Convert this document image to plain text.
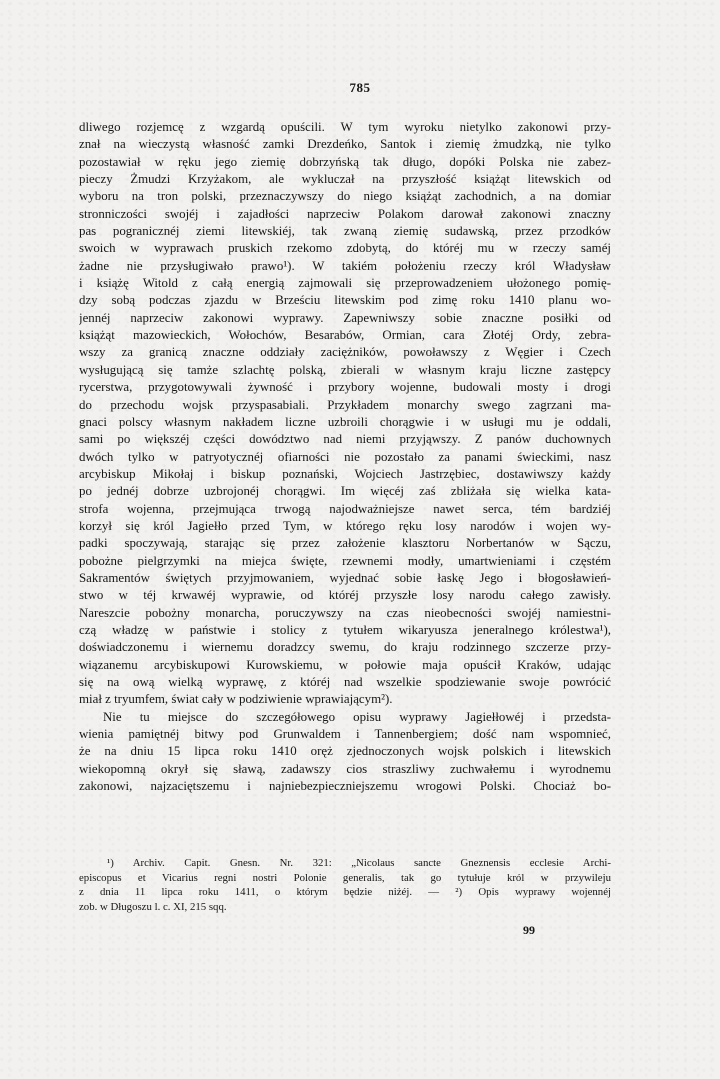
785
dliwego rozjemcę z wzgardą opuścili. W tym wyroku nietylko zakonowi przy-
znał na wieczystą własność zamki Drezdeńko, Santok i ziemię żmudzką, nie tylko
pozostawiał w ręku jego ziemię dobrzyńską tak długo, dopóki Polska nie zabez-
pieczy Żmudzi Krzyżakom, ale wykluczał na przyszłość książąt litewskich od
wyboru na tron polski, przeznaczywszy do niego książąt zachodnich, a na domiar
stronniczości swojéj i zajadłości naprzeciw Polakom darował zakonowi znaczny
pas pogranicznéj ziemi litewskiéj, tak zwaną ziemię sudawską, przez przodków
swoich w wyprawach pruskich rzekomo zdobytą, do któréj mu w rzeczy saméj
żadne nie przysługiwało prawo¹). W takiém położeniu rzeczy król Władysław
i książę Witold z całą energią zajmowali się przeprowadzeniem ułożonego pomię-
dzy sobą podczas zjazdu w Brześciu litewskim pod zimę roku 1410 planu wo-
jennéj naprzeciw zakonowi wyprawy. Zapewniwszy sobie znaczne posiłki od
książąt mazowieckich, Wołochów, Besarabów, Ormian, cara Złotéj Ordy, zebra-
wszy za granicą znaczne oddziały zaciężników, powoławszy z Węgier i Czech
wysługującą się tamże szlachtę polską, zbierali w własnym kraju liczne zastępcy
rycerstwa, przygotowywali żywność i przybory wojenne, budowali mosty i drogi
do przechodu wojsk przyspasabiali. Przykładem monarchy swego zagrzani ma-
gnaci polscy własnym nakładem liczne uzbroili chorągwie i w usługi mu je oddali,
sami po większéj części dowództwo nad niemi przyjąwszy. Z panów duchownych
dwóch tylko w patryotycznéj ofiarności nie pozostało za panami świeckimi, nasz
arcybiskup Mikołaj i biskup poznański, Wojciech Jastrzębiec, dostawiwszy każdy
po jednéj dobrze uzbrojonéj chorągwi. Im więcéj zaś zbliżała się wielka kata-
strofa wojenna, przejmująca trwogą najodważniejsze nawet serca, tém bardziéj
korzył się król Jagiełło przed Tym, w którego ręku losy narodów i wojen wy-
padki spoczywają, starając się przez założenie klasztoru Norbertanów w Sączu,
pobożne pielgrzymki na miejca święte, rzewnemi modły, umartwieniami i częstém
Sakramentów świętych przyjmowaniem, wyjednać sobie łaskę Jego i błogosławień-
stwo w téj krwawéj wyprawie, od któréj przyszłe losy narodu całego zawisły.
Nareszcie pobożny monarcha, poruczywszy na czas nieobecności swojéj namiestni-
czą władzę w państwie i stolicy z tytułem wikaryusza jeneralnego królestwa¹),
doświadczonemu i wiernemu doradzcy swemu, do kraju rodzinnego szczerze przy-
wiązanemu arcybiskupowi Kurowskiemu, w połowie maja opuścił Kraków, udając
się na ową wielką wyprawę, z któréj nad wszelkie spodziewanie swoje powrócić
miał z tryumfem, świat cały w podziwienie wprawiającym²).
Nie tu miejsce do szczegółowego opisu wyprawy Jagiełłowéj i przedsta-
wienia pamiętnéj bitwy pod Grunwaldem i Tannenbergiem; dość nam wspomnieć,
że na dniu 15 lipca roku 1410 oręż zjednoczonych wojsk polskich i litewskich
wiekopomną okrył się sławą, zadawszy cios straszliwy zuchwałemu i wyrodnemu
zakonowi, najzaciętszemu i najniebezpieczniejszemu wrogowi Polski. Chociaż bo-
¹) Archiv. Capit. Gnesn. Nr. 321: „Nicolaus sancte Gneznensis ecclesie Archi-
episcopus et Vicarius regni nostri Polonie generalis, tak go tytułuje król w przywileju
z dnia 11 lipca roku 1411, o którym będzie niżéj. — ²) Opis wyprawy wojennéj
zob. w Długoszu l. c. XI, 215 sqq.
99
